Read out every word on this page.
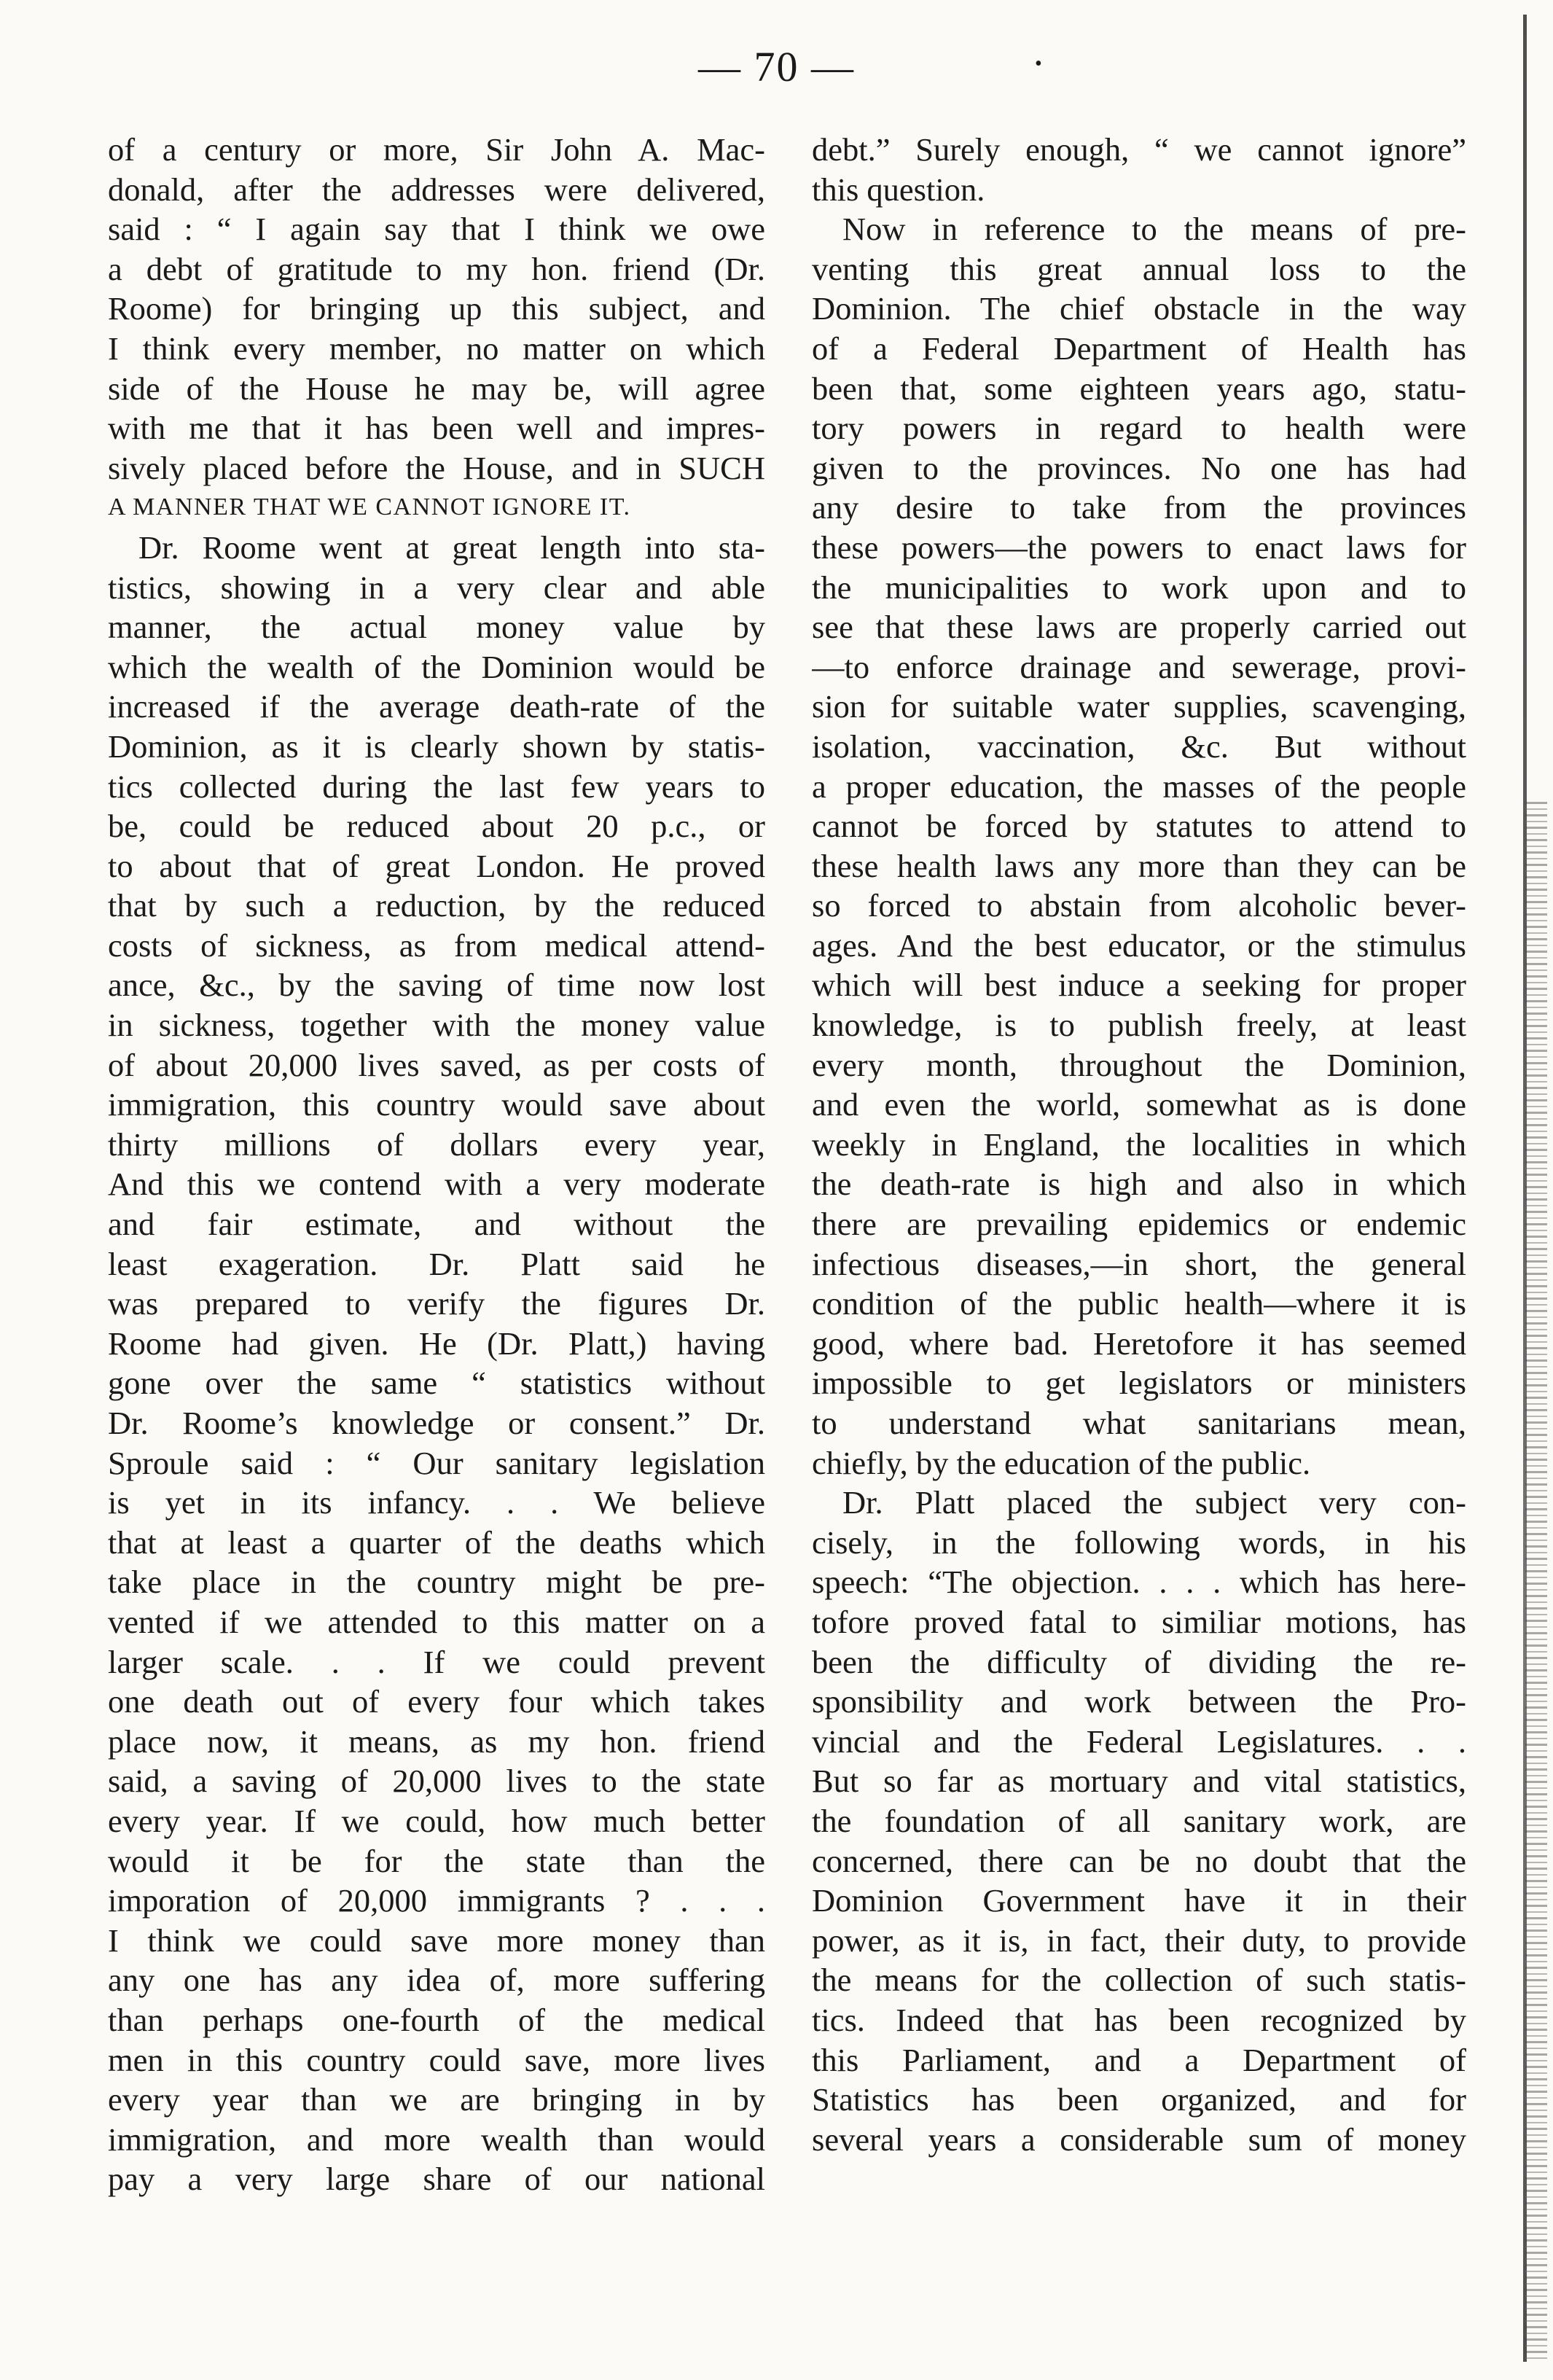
— 70 —	•
of a century or more, Sir John A. Mac-
donald, after the addresses were delivered,
said : “ I again say that I think we owe
a debt of gratitude to my hon. friend (Dr.
Roome) for bringing up this subject, and
I think every member, no matter on which
side of the House he may be, will agree
with me that it has been well and impres-
sively placed before the House, and in SUCH
A MANNER THAT WE CANNOT IGNORE IT.
Dr. Roome went at great length into sta-
tistics, showing in a very clear and able
manner, the actual money value by
which the wealth of the Dominion would be
increased if the average death-rate of the
Dominion, as it is clearly shown by statis-
tics collected during the last few years to
be, could be reduced about 20 p.c., or
to about that of great London. He proved
that by such a reduction, by the reduced
costs of sickness, as from medical attend-
ance, &c., by the saving of time now lost
in sickness, together with the money value
of about 20,000 lives saved, as per costs of
immigration, this country would save about
thirty millions of dollars every year,
And this we contend with a very moderate
and fair estimate, and without the
least exageration. Dr. Platt said he
was prepared to verify the figures Dr.
Roome had given. He (Dr. Platt,) having
gone over the same “ statistics without
Dr. Roome’s knowledge or consent.” Dr.
Sproule said : “ Our sanitary legislation
is yet in its infancy. . . We believe
that at least a quarter of the deaths which
take place in the country might be pre-
vented if we attended to this matter on a
larger scale. . . If we could prevent
one death out of every four which takes
place now, it means, as my hon. friend
said, a saving of 20,000 lives to the state
every year. If we could, how much better
would it be for the state than the
imporation of 20,000 immigrants ? . . .
I think we could save more money than
any one has any idea of, more suffering
than perhaps one-fourth of the medical
men in this country could save, more lives
every year than we are bringing in by
immigration, and more wealth than would
pay a very large share of our national
debt.” Surely enough, “ we cannot ignore”
this question.
Now in reference to the means of pre-
venting this great annual loss to the
Dominion. The chief obstacle in the way
of a Federal Department of Health has
been that, some eighteen years ago, statu-
tory powers in regard to health were
given to the provinces. No one has had
any desire to take from the provinces
these powers—the powers to enact laws for
the municipalities to work upon and to
see that these laws are properly carried out
—to enforce drainage and sewerage, provi-
sion for suitable water supplies, scavenging,
isolation, vaccination, &c. But without
a proper education, the masses of the people
cannot be forced by statutes to attend to
these health laws any more than they can be
so forced to abstain from alcoholic bever-
ages. And the best educator, or the stimulus
which will best induce a seeking for proper
knowledge, is to publish freely, at least
every month, throughout the Dominion,
and even the world, somewhat as is done
weekly in England, the localities in which
the death-rate is high and also in which
there are prevailing epidemics or endemic
infectious diseases,—in short, the general
condition of the public health—where it is
good, where bad. Heretofore it has seemed
impossible to get legislators or ministers
to understand what sanitarians mean,
chiefly, by the education of the public.
Dr. Platt placed the subject very con-
cisely, in the following words, in his
speech: “The objection. . . . which has here-
tofore proved fatal to similiar motions, has
been the difficulty of dividing the re-
sponsibility and work between the Pro-
vincial and the Federal Legislatures. . .
But so far as mortuary and vital statistics,
the foundation of all sanitary work, are
concerned, there can be no doubt that the
Dominion Government have it in their
power, as it is, in fact, their duty, to provide
the means for the collection of such statis-
tics. Indeed that has been recognized by
this Parliament, and a Department of
Statistics has been organized, and for
several years a considerable sum of money
